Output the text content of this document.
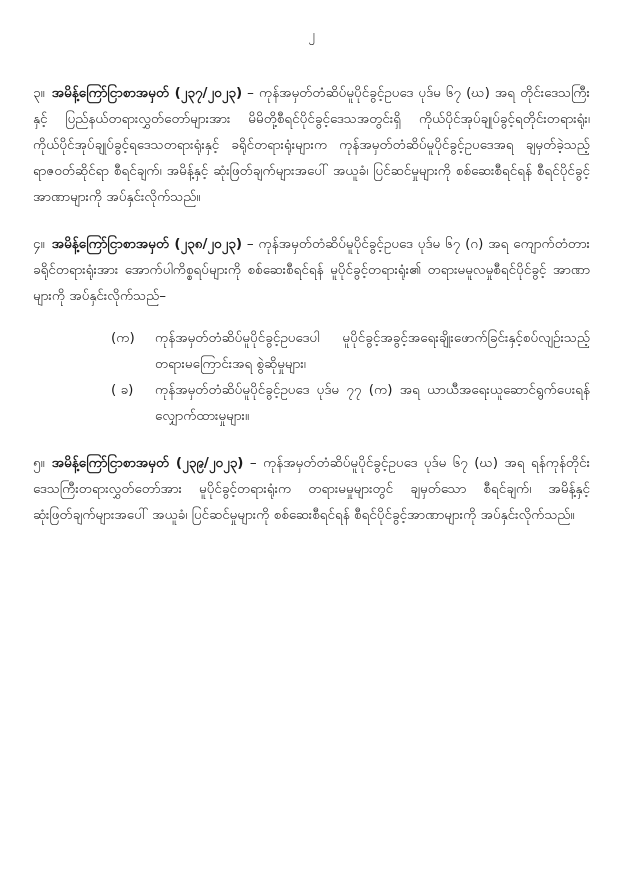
၂

၃။ အမိန့်ကြော်ငြာစာအမှတ် (၂၃၇/၂၀၂၃) – ကုန်အမှတ်တံဆိပ်မူပိုင်ခွင့်ဥပဒေ ပုဒ်မ ၆၇ (ဃ) အရ တိုင်းဒေသကြီးနှင့် ပြည်နယ်တရားလွှတ်တော်များအား မိမိတို့စီရင်ပိုင်ခွင့်ဒေသအတွင်းရှိ ကိုယ်ပိုင်အုပ်ချုပ်ခွင့်ရတိုင်းတရားရုံး၊ ကိုယ်ပိုင်အုပ်ချုပ်ခွင့်ရဒေသတရားရုံးနှင့် ခရိုင်တရားရုံးများက ကုန်အမှတ်တံဆိပ်မူပိုင်ခွင့်ဥပဒေအရ ချမှတ်ခဲ့သည့် ရာဇဝတ်ဆိုင်ရာ စီရင်ချက်၊ အမိန့်နှင့် ဆုံးဖြတ်ချက်များအပေါ် အယူခံ၊ ပြင်ဆင်မှုများကို စစ်ဆေးစီရင်ရန် စီရင်ပိုင်ခွင့်အာဏာများကို အပ်နှင်းလိုက်သည်။

၄။ အမိန့်ကြော်ငြာစာအမှတ် (၂၃၈/၂၀၂၃) – ကုန်အမှတ်တံဆိပ်မူပိုင်ခွင့်ဥပဒေ ပုဒ်မ ၆၇ (ဂ) အရ ကျောက်တံတားခရိုင်တရားရုံးအား အောက်ပါကိစ္စရပ်များကို စစ်ဆေးစီရင်ရန် မူပိုင်ခွင့်တရားရုံး၏ တရားမမူလမှုစီရင်ပိုင်ခွင့် အာဏာများကို အပ်နှင်းလိုက်သည်–

(က)	ကုန်အမှတ်တံဆိပ်မူပိုင်ခွင့်ဥပဒေပါ မူပိုင်ခွင့်အခွင့်အရေးချိုးဖောက်ခြင်းနှင့်စပ်လျဉ်းသည့် တရားမကြောင်းအရ စွဲဆိုမှုများ၊
( ခ)	ကုန်အမှတ်တံဆိပ်မူပိုင်ခွင့်ဥပဒေ ပုဒ်မ ၇၇ (က) အရ ယာယီအရေးယူဆောင်ရွက်ပေးရန် လျှောက်ထားမှုများ။

၅။ အမိန့်ကြော်ငြာစာအမှတ် (၂၃၉/၂၀၂၃) – ကုန်အမှတ်တံဆိပ်မူပိုင်ခွင့်ဥပဒေ ပုဒ်မ ၆၇ (ဃ) အရ ရန်ကုန်တိုင်းဒေသကြီးတရားလွှတ်တော်အား မူပိုင်ခွင့်တရားရုံးက တရားမမှုများတွင် ချမှတ်သော စီရင်ချက်၊ အမိန့်နှင့် ဆုံးဖြတ်ချက်များအပေါ် အယူခံ၊ ပြင်ဆင်မှုများကို စစ်ဆေးစီရင်ရန် စီရင်ပိုင်ခွင့်အာဏာများကို အပ်နှင်းလိုက်သည်။
